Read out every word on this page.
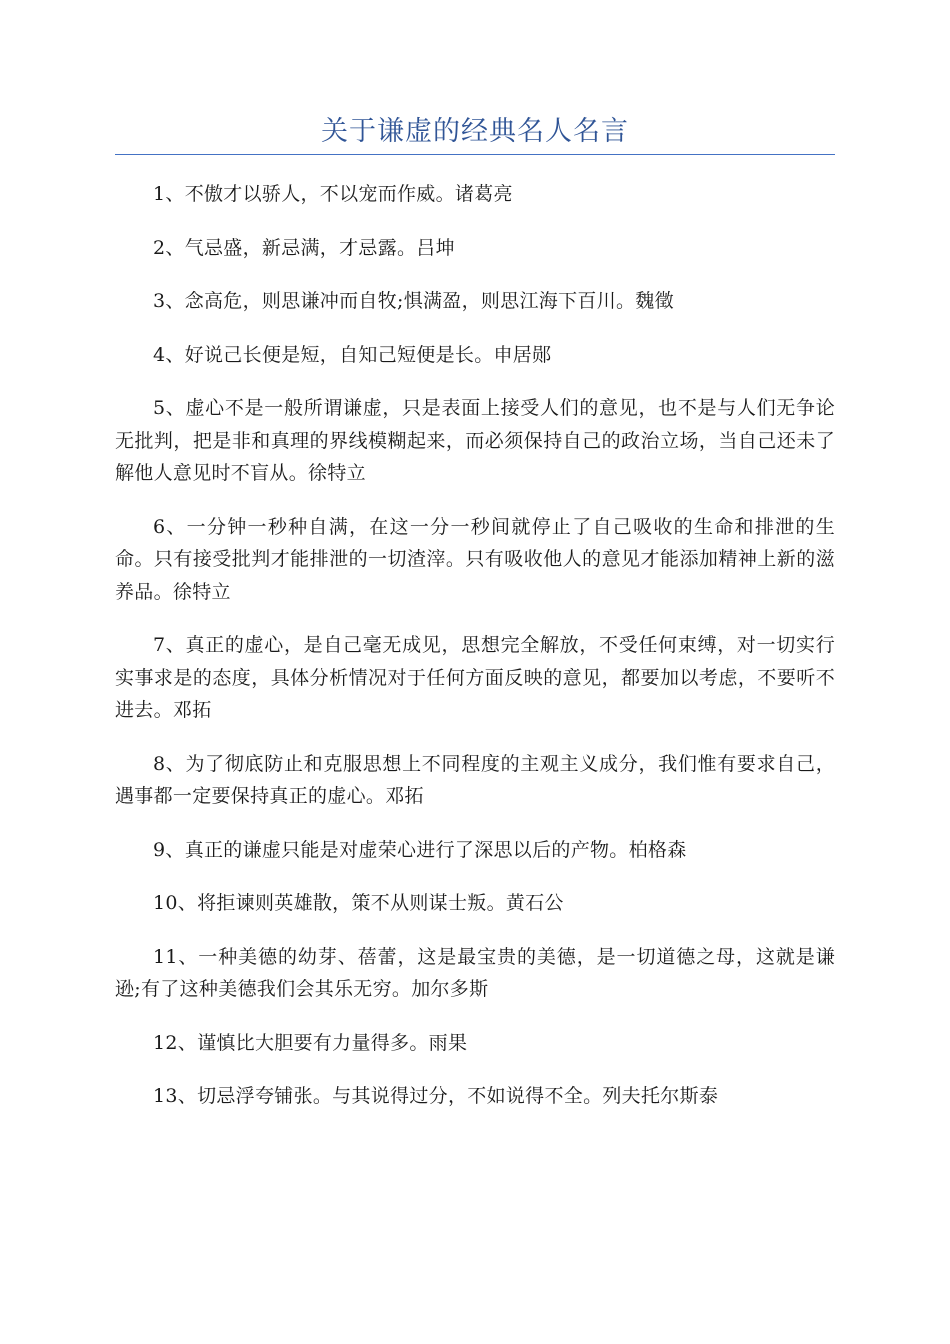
关于谦虚的经典名人名言

1、不傲才以骄人，不以宠而作威。诸葛亮

2、气忌盛，新忌满，才忌露。吕坤

3、念高危，则思谦冲而自牧;惧满盈，则思江海下百川。魏徵

4、好说己长便是短，自知己短便是长。申居郧

5、虚心不是一般所谓谦虚，只是表面上接受人们的意见，也不是与人们无争论无批判，把是非和真理的界线模糊起来，而必须保持自己的政治立场，当自己还未了解他人意见时不盲从。徐特立

6、一分钟一秒种自满，在这一分一秒间就停止了自己吸收的生命和排泄的生命。只有接受批判才能排泄的一切渣滓。只有吸收他人的意见才能添加精神上新的滋养品。徐特立

7、真正的虚心，是自己毫无成见，思想完全解放，不受任何束缚，对一切实行实事求是的态度，具体分析情况对于任何方面反映的意见，都要加以考虑，不要听不进去。邓拓

8、为了彻底防止和克服思想上不同程度的主观主义成分，我们惟有要求自己，遇事都一定要保持真正的虚心。邓拓

9、真正的谦虚只能是对虚荣心进行了深思以后的产物。柏格森

10、将拒谏则英雄散，策不从则谋士叛。黄石公

11、一种美德的幼芽、蓓蕾，这是最宝贵的美德，是一切道德之母，这就是谦逊;有了这种美德我们会其乐无穷。加尔多斯

12、谨慎比大胆要有力量得多。雨果

13、切忌浮夸铺张。与其说得过分，不如说得不全。列夫托尔斯泰
